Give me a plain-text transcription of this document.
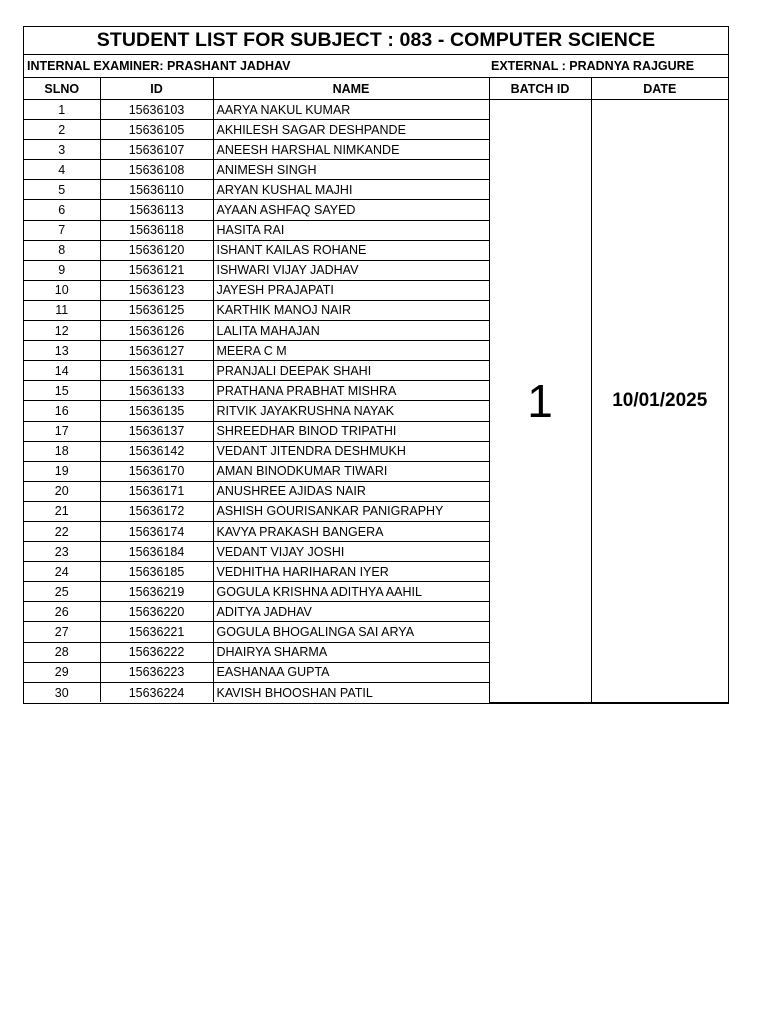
STUDENT LIST FOR SUBJECT : 083 - COMPUTER SCIENCE
INTERNAL EXAMINER: PRASHANT JADHAV	EXTERNAL : PRADNYA RAJGURE
SLNO	ID	NAME	BATCH ID	DATE
1	15636103	AARYA NAKUL KUMAR	1	10/01/2025
2	15636105	AKHILESH SAGAR DESHPANDE		
3	15636107	ANEESH HARSHAL NIMKANDE		
4	15636108	ANIMESH SINGH		
5	15636110	ARYAN KUSHAL MAJHI		
6	15636113	AYAAN ASHFAQ SAYED		
7	15636118	HASITA RAI		
8	15636120	ISHANT KAILAS ROHANE		
9	15636121	ISHWARI VIJAY JADHAV		
10	15636123	JAYESH PRAJAPATI		
11	15636125	KARTHIK MANOJ NAIR		
12	15636126	LALITA MAHAJAN		
13	15636127	MEERA C M		
14	15636131	PRANJALI DEEPAK SHAHI		
15	15636133	PRATHANA PRABHAT MISHRA		
16	15636135	RITVIK JAYAKRUSHNA NAYAK		
17	15636137	SHREEDHAR BINOD TRIPATHI		
18	15636142	VEDANT JITENDRA DESHMUKH		
19	15636170	AMAN BINODKUMAR TIWARI		
20	15636171	ANUSHREE AJIDAS NAIR		
21	15636172	ASHISH GOURISANKAR PANIGRAPHY		
22	15636174	KAVYA PRAKASH BANGERA		
23	15636184	VEDANT VIJAY JOSHI		
24	15636185	VEDHITHA HARIHARAN IYER		
25	15636219	GOGULA KRISHNA ADITHYA AAHIL		
26	15636220	ADITYA JADHAV		
27	15636221	GOGULA BHOGALINGA SAI ARYA		
28	15636222	DHAIRYA SHARMA		
29	15636223	EASHANAA GUPTA		
30	15636224	KAVISH BHOOSHAN PATIL		
